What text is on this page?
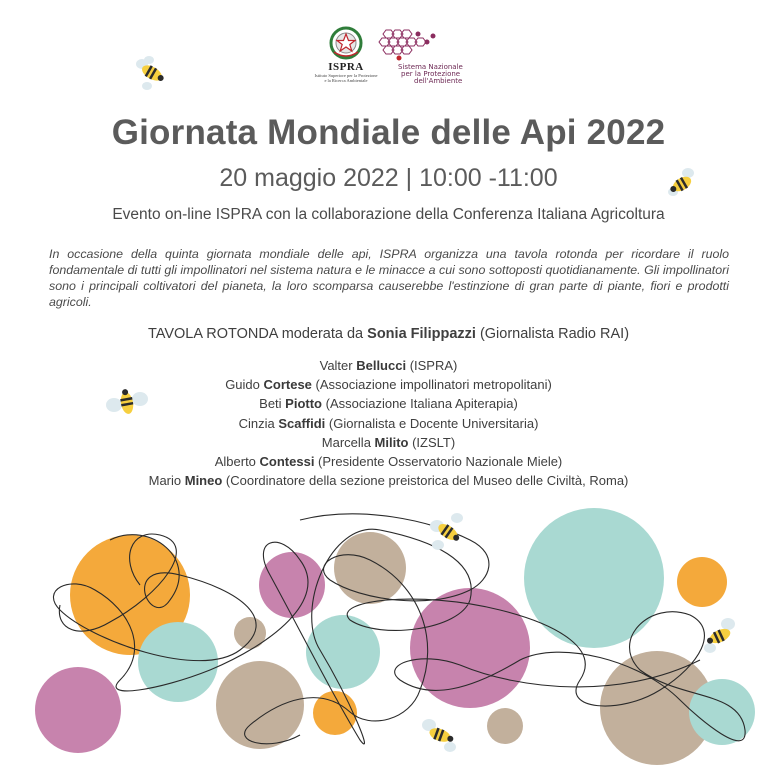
ISPRA
Istituto Superiore per la Protezione
e la Ricerca Ambientale
Sistema Nazionale
per la Protezione
dell'Ambiente
Giornata Mondiale delle Api 2022
20 maggio 2022 | 10:00 -11:00
Evento on-line ISPRA con la collaborazione della Conferenza Italiana Agricoltura
In occasione della quinta giornata mondiale delle api, ISPRA organizza una tavola rotonda per ricordare il ruolo fondamentale di tutti gli impollinatori nel sistema natura e le minacce a cui sono sottoposti quotidianamente. Gli impollinatori sono i principali coltivatori del pianeta, la loro scomparsa causerebbe l'estinzione di gran parte di piante, fiori e prodotti agricoli.
TAVOLA ROTONDA moderata da Sonia Filippazzi (Giornalista Radio RAI)
Valter Bellucci (ISPRA)
Guido Cortese (Associazione impollinatori metropolitani)
Beti Piotto (Associazione Italiana Apiterapia)
Cinzia Scaffidi (Giornalista e Docente Universitaria)
Marcella Milito (IZSLT)
Alberto Contessi (Presidente Osservatorio Nazionale Miele)
Mario Mineo (Coordinatore della sezione preistorica del Museo delle Civiltà, Roma)
